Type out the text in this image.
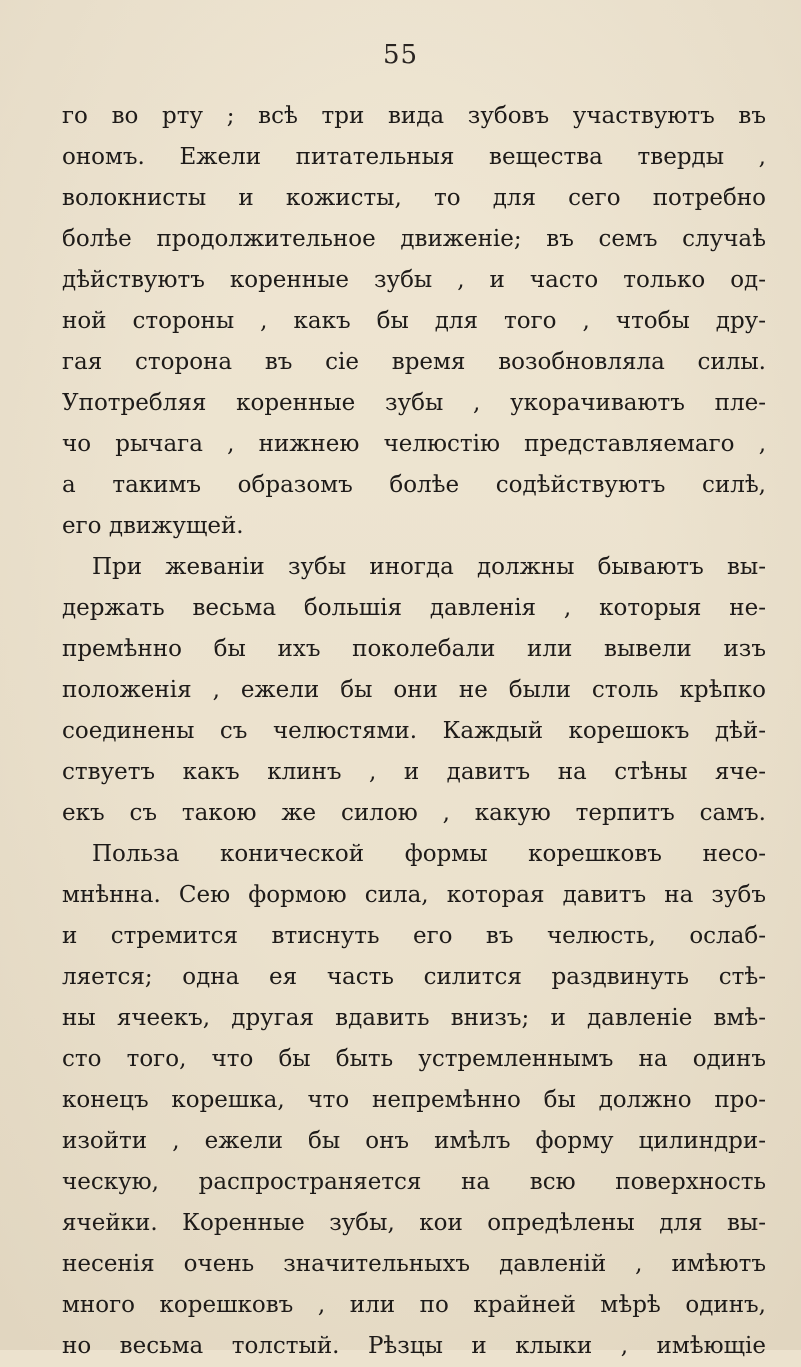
55
го во рту ; всѣ три вида зубовъ участвуютъ въ
ономъ. Ежели питательныя вещества тверды ,
волокнисты и кожисты, то для сего потребно
болѣе продолжительное движенiе; въ семъ случаѣ
дѣйствуютъ коренные зубы , и часто только од-
ной стороны , какъ бы для того , чтобы дру-
гая сторона въ сiе время возобновляла силы.
Употребляя коренные зубы , укорачиваютъ пле-
чо рычага , нижнею челюстiю представляемаго ,
а такимъ образомъ болѣе содѣйствуютъ силѣ,
его движущей.
При жеванiи зубы иногда должны бываютъ вы-
держать весьма большiя давленiя , которыя не-
премѣнно бы ихъ поколебали или вывели изъ
положенiя , ежели бы они не были столь крѣпко
соединены съ челюстями. Каждый корешокъ дѣй-
ствуетъ какъ клинъ , и давитъ на стѣны яче-
екъ съ такою же силою , какую терпитъ самъ.
Польза конической формы корешковъ несо-
мнѣнна. Сею формою сила, которая давитъ на зубъ
и стремится втиснуть его въ челюсть, ослаб-
ляется; одна ея часть силится раздвинуть стѣ-
ны ячеекъ, другая вдавить внизъ; и давленiе вмѣ-
сто того, что бы быть устремленнымъ на одинъ
конецъ корешка, что непремѣнно бы должно про-
изойти , ежели бы онъ имѣлъ форму цилиндри-
ческую, распространяется на всю поверхность
ячейки. Коренные зубы, кои опредѣлены для вы-
несенiя очень значительныхъ давленiй , имѣютъ
много корешковъ , или по крайней мѣрѣ одинъ,
но весьма толстый. Рѣзцы и клыки , имѣющiе
